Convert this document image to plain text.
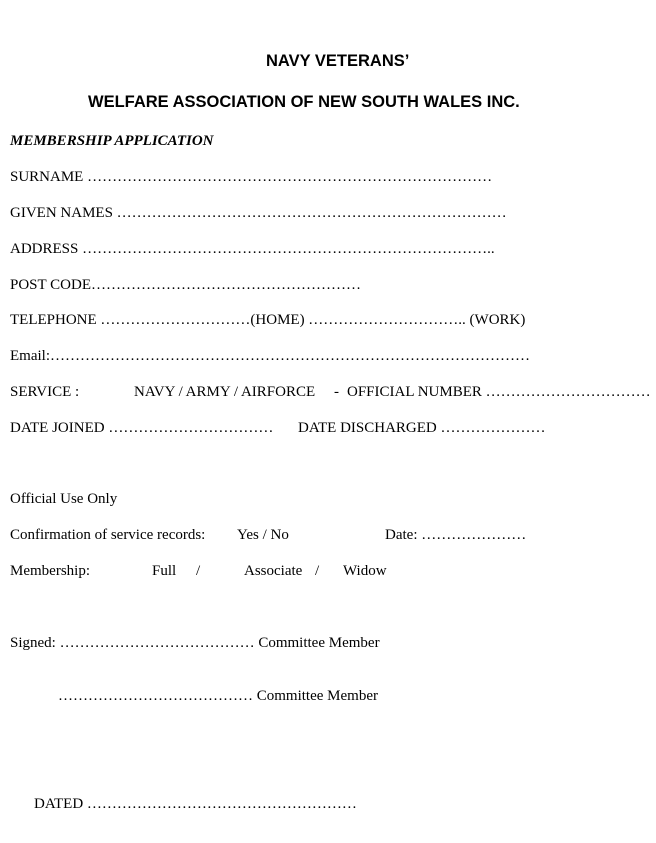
NAVY VETERANS’
WELFARE ASSOCIATION OF NEW SOUTH WALES INC.
MEMBERSHIP APPLICATION
SURNAME ………………………………………………………………………
GIVEN NAMES ……………………………………………………………………
ADDRESS ………………………………………………………………………..
POST CODE………………………………………………
TELEPHONE …………………………(HOME) ………………………….. (WORK)
Email:……………………………………………………………………………………
SERVICE :	NAVY / ARMY / AIRFORCE - OFFICIAL NUMBER ……………………………
DATE JOINED …………………………… DATE DISCHARGED …………………
Official Use Only
Confirmation of service records: Yes / No	Date: …………………
Membership:	Full /	Associate / Widow
Signed: ………………………………… Committee Member
………………………………… Committee Member
DATED ………………………………………………
